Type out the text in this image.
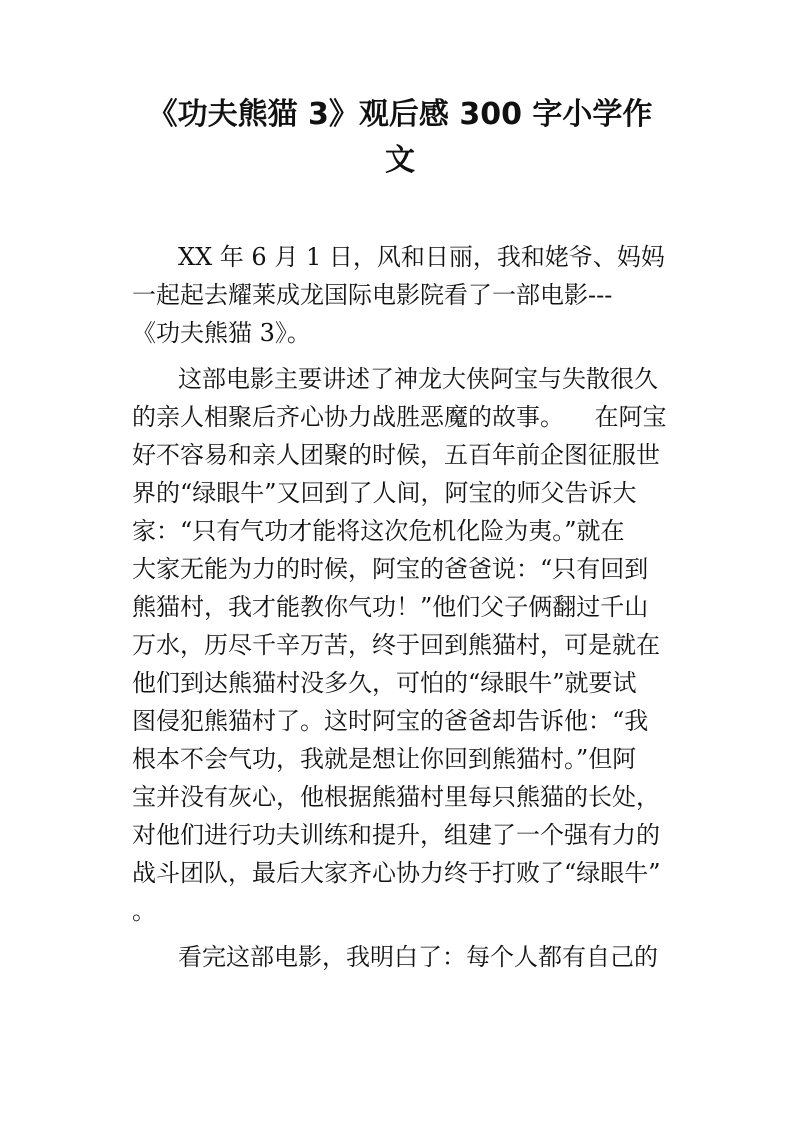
《功夫熊猫 3》观后感 300 字小学作
文
XX 年 6 月 1 日，风和日丽，我和姥爷、妈妈
一起起去耀莱成龙国际电影院看了一部电影---
《功夫熊猫 3》。
这部电影主要讲述了神龙大侠阿宝与失散很久
的亲人相聚后齐心协力战胜恶魔的故事。    在阿宝
好不容易和亲人团聚的时候，五百年前企图征服世
界的“绿眼牛”又回到了人间，阿宝的师父告诉大
家：“只有气功才能将这次危机化险为夷。”就在
大家无能为力的时候，阿宝的爸爸说：“只有回到
熊猫村，我才能教你气功！”他们父子俩翻过千山
万水，历尽千辛万苦，终于回到熊猫村，可是就在
他们到达熊猫村没多久，可怕的“绿眼牛”就要试
图侵犯熊猫村了。这时阿宝的爸爸却告诉他：“我
根本不会气功，我就是想让你回到熊猫村。”但阿
宝并没有灰心，他根据熊猫村里每只熊猫的长处，
对他们进行功夫训练和提升，组建了一个强有力的
战斗团队，最后大家齐心协力终于打败了“绿眼牛”
。
看完这部电影，我明白了：每个人都有自己的
